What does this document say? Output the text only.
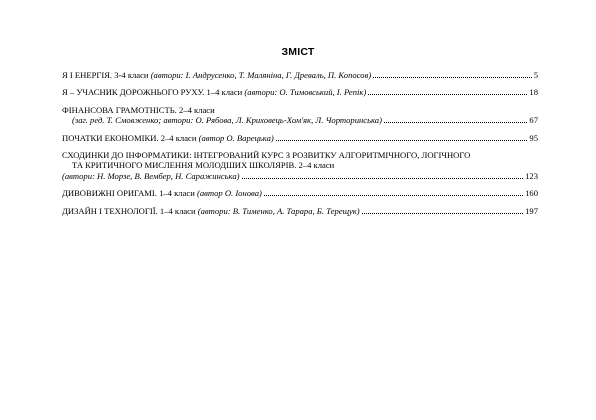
ЗМІСТ
Я І ЕНЕРГІЯ. 3-4 класи (автори: І. Андрусенко, Т. Маляніна, Г. Древаль, П. Копосов)	5
Я – УЧАСНИК ДОРОЖНЬОГО РУХУ. 1–4 класи (автори: О. Тимовський, І. Репік)	18
ФІНАНСОВА ГРАМОТНІСТЬ. 2–4 класи
(заг. ред. Т. Смовженко; автори: О. Рябова, Л. Криховець-Хом'як, Л. Чорторинська)	67
ПОЧАТКИ ЕКОНОМІКИ. 2–4 класи (автор О. Варецька)	95
СХОДИНКИ ДО ІНФОРМАТИКИ: ІНТЕГРОВАНИЙ КУРС З РОЗВИТКУ АЛГОРИТМІЧНОГО, ЛОГІЧНОГО
ТА КРИТИЧНОГО МИСЛЕННЯ МОЛОДШИХ ШКОЛЯРІВ. 2–4 класи
(автори: Н. Морзе, В. Вембер, Н. Саражинська)	123
ДИВОВИЖНІ ОРИГАМІ. 1–4 класи (автор О. Іонова)	160
ДИЗАЙН І ТЕХНОЛОГІЇ. 1–4 класи (автори: В. Тименко, А. Тарара, Б. Терещук)	197
